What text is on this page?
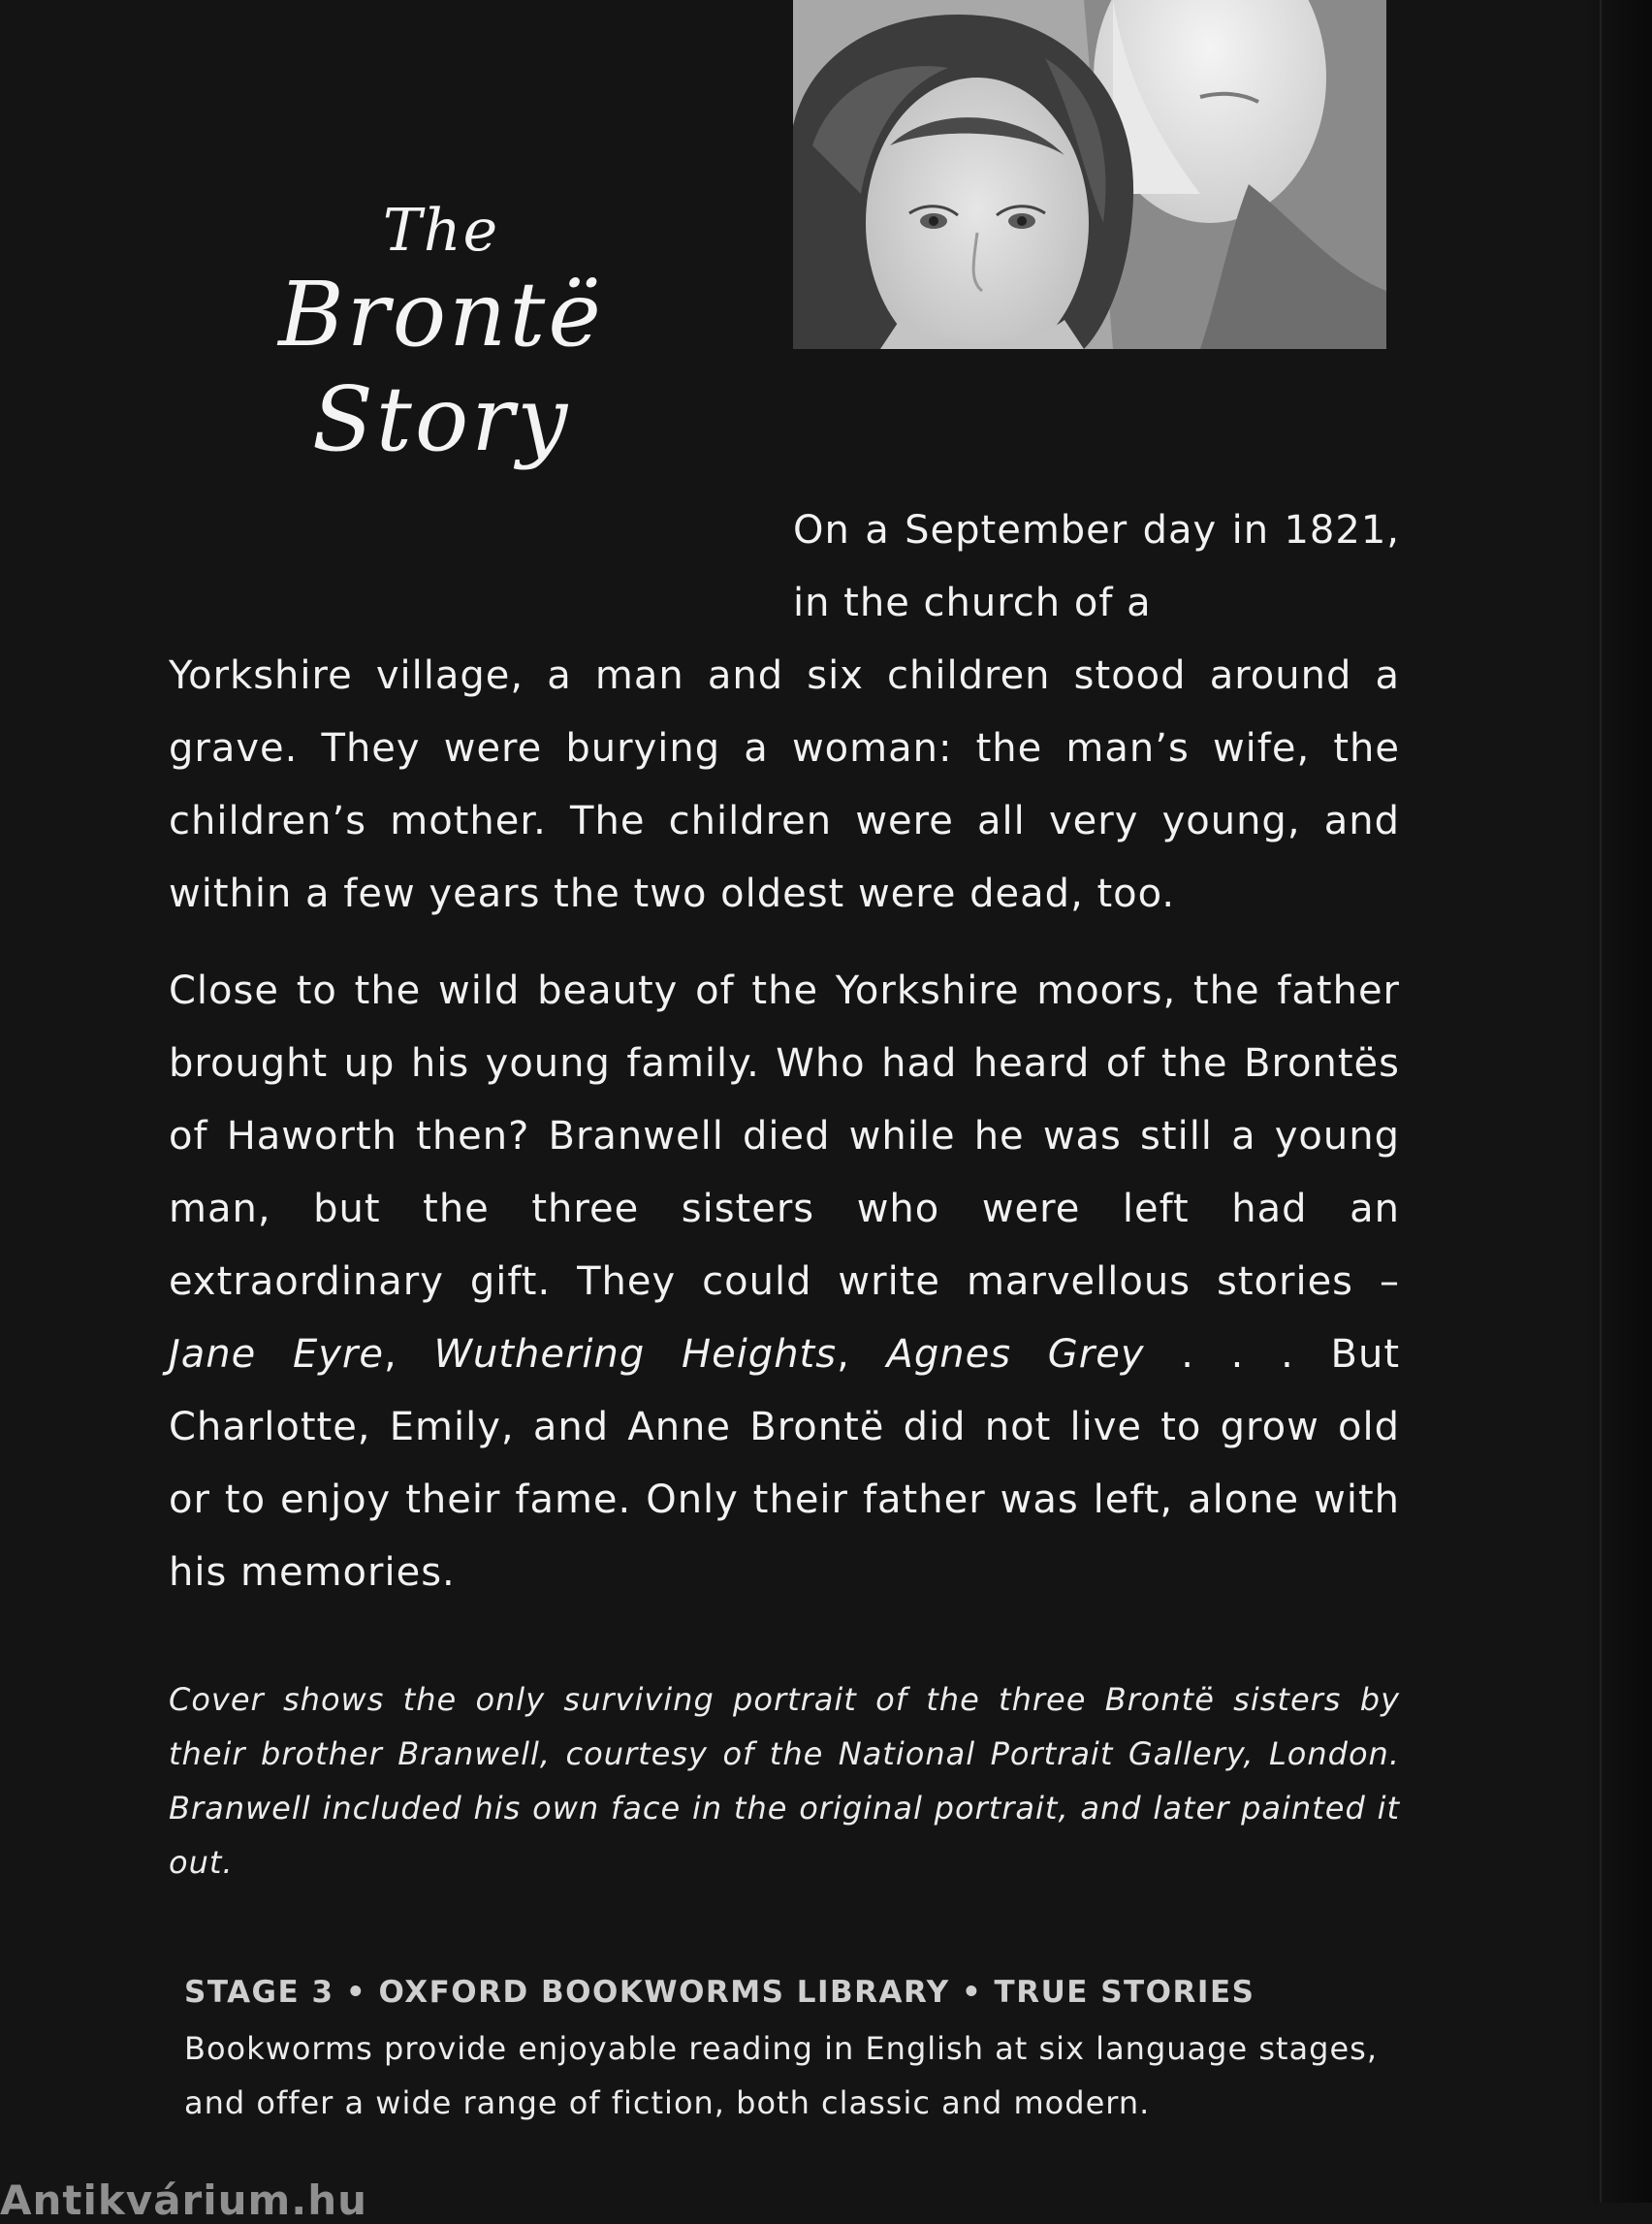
The
Brontë
Story
On a September day in 1821, in the church of a
Yorkshire village, a man and six children stood around a grave. They were burying a woman: the man’s wife, the children’s mother. The children were all very young, and within a few years the two oldest were dead, too.
Close to the wild beauty of the Yorkshire moors, the father brought up his young family. Who had heard of the Brontës of Haworth then? Branwell died while he was still a young man, but the three sisters who were left had an extraordinary gift. They could write marvellous stories – Jane Eyre, Wuthering Heights, Agnes Grey . . . But Charlotte, Emily, and Anne Brontë did not live to grow old or to enjoy their fame. Only their father was left, alone with his memories.
Cover shows the only surviving portrait of the three Brontë sisters by their brother Branwell, courtesy of the National Portrait Gallery, London. Branwell included his own face in the original portrait, and later painted it out.
STAGE 3 • OXFORD BOOKWORMS LIBRARY • TRUE STORIES
Bookworms provide enjoyable reading in English at six language stages, and offer a wide range of fiction, both classic and modern.
Antikvárium.hu
